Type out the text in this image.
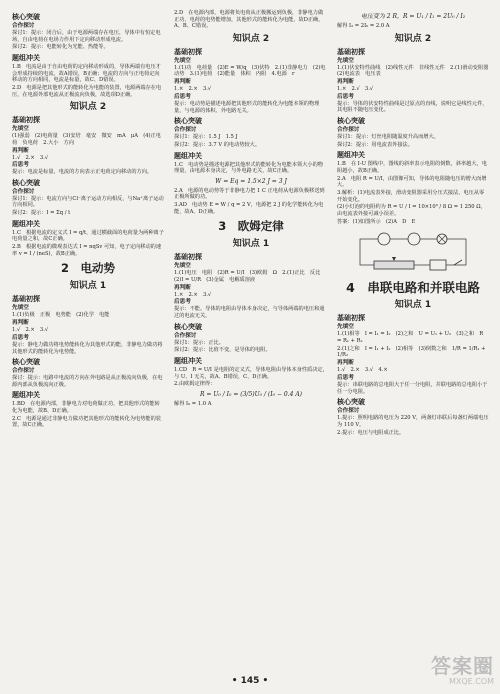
核心突破
合作探讨

探讨1：提示：闭合后，由于电源两端存在电压，导体中有恒定电场，自由电荷在电场力作用下定向移动形成电流。

探讨2：提示：电能转化为光能、热能等。

题组冲关

1.B　电流是由于自由电荷的定向移动形成的，导体两端有电压才会形成持续的电流，故A错误，B正确；电流的方向与正电荷定向移动的方向相同，电流是标量，故C、D错误。

2.D　电源是把其他形式的能转化为电能的装置，电源两端存在电压，在电源外部电流从正极流向负极，故选项D正确。

知识点 2
基础初探
先填空

(1)强弱　(2)电荷量　(3)安培　毫安　微安　mA　μA　(4)正电荷　负电荷　2.大小　方向

再判断

1.√　2.×　3.√

后思考

提示：电流是标量，电流的方向表示正电荷定向移动的方向。

核心突破
合作探讨

探讨1：提示：电流方向与Cl⁻离子运动方向相反，与Na⁺离子运动方向相同。

探讨2：提示：I = Σq / t

题组冲关

1.C　根据电流的定义式 I = q/t，通过横截面的电荷量为两种离子电荷量之和，故C正确。

2.B　根据电流的微观表达式 I = nqSv 可知，电子定向移动的速率 v = I / (neS)，故B正确。

2　电动势
知识点 1
基础初探
先填空

1.(1)负极　正极　电势能　(2)化学　电能

再判断

1.√　2.×　3.√

后思考

提示：静电力做功将电势能转化为其他形式的能，非静电力做功将其他形式的能转化为电势能。

核心突破
合作探讨

探讨：提示：电路中电流的方向在外电路是从正极流向负极，在电源内部从负极流向正极。

题组冲关

1.BD　在电源内部，非静电力对电荷做正功，把其他形式的能转化为电能，故B、D正确。

2.C　电源是通过非静电力做功把其他形式的能转化为电势能的装置，故C正确。

2.D　在电源内部，电源将负电荷从正极搬运到负极，非静电力做正功，电荷的电势能增加，其他形式的能转化为电能，故D正确，A、B、C错误。

知识点 2
基础初探
先填空

1.(1)功　电荷量　(2)E = W/q　(3)伏特　2.(1)非静电力　(2)电动势　3.(1)电荷　(2)能量　体积　内阻　4.电源　r

再判断

1.×　2.×　3.√

后思考

提示：电动势是描述电源把其他形式的能转化为电能本领的物理量，与电源的体积、外电路无关。

核心突破
合作探讨

探讨1：提示：1.5 J　1.5 J

探讨2：提示：3.7 V 的电动势较大。

题组冲关

1.C　电动势是描述电源把其他形式的能转化为电能本领大小的物理量，由电源本身决定，与外电路无关，故C正确。

W = Eq = 1.5×2 J = 3 J

2.A　电源的电动势等于非静电力把 1 C 正电荷从电源负极移送到正极所做的功。

3.AD　电动势 E = W / q = 2 V，电源把 2 J 的化学能转化为电能，故A、D正确。

3　欧姆定律
知识点 1
基础初探
先填空

1.(1)电压　电阻　(2)R = U/I　(3)欧姆　Ω　2.(1)正比　反比　(2)I = U/R　(3)金属　电解质溶液

再判断

1.×　2.×　3.√

后思考

提示：不能。导体的电阻由导体本身决定，与导体两端的电压和通过的电流无关。

核心突破
合作探讨

探讨1：提示：正比。

探讨2：提示：比值不变，是导体的电阻。

题组冲关

1.CD　R = U/I 是电阻的定义式，导体电阻由导体本身性质决定，与 U、I 无关，故A、B错误，C、D正确。

2.由欧姆定律得：

R = U₀ / I₀ = (3/5)U₀ / (I₀ − 0.4 A)

解得 I₀ = 1.0 A

电压变为 2 R，R = U₁ / I₁ = 2U₀ / I₂

解得 I₂ = 2I₀ = 2.0 A

知识点 2
基础初探
先填空

1.(1)伏安特性曲线　(2)线性元件　非线性元件　2.(1)滑动变阻器　(2)电流表　电压表

再判断

1.×　2.√　3.√

后思考

提示：导体的伏安特性曲线是过原点的直线，说明它是线性元件，其电阻不随电压变化。

核心突破
合作探讨

探讨1：提示：灯丝电阻随温度升高而增大。

探讨2：提示：用电流表外接法。

题组冲关

1.B　在 I-U 图线中，图线的斜率表示电阻的倒数，斜率越大，电阻越小，故B正确。

2.A　电阻 R = U/I，由图像可知，导体的电阻随电压的增大而增大。

3.解析：(1)电流表外接，滑动变阻器采用分压式接法，电压从零开始变化。

(2)小灯泡的电阻约为 R = U / I = 10×10³ / 8 Ω = 1 250 Ω，由电流表外接可减小误差。

答案：(1)如图所示　(2)A　D　E

4　串联电路和并联电路
知识点 1
基础初探
先填空

1.(1)相等　I = I₁ = I₂　(2)之和　U = U₁ + U₂　(3)之和　R = R₁ + R₂

2.(1)之和　I = I₁ + I₂　(2)相等　(3)倒数之和　1/R = 1/R₁ + 1/R₂

再判断

1.√　2.×　3.√　4.×

后思考

提示：串联电路的总电阻大于任一分电阻，并联电路的总电阻小于任一分电阻。

核心突破
合作探讨

1.提示：照明电路的电压为 220 V，两盏灯串联后每盏灯两端电压为 110 V。

2.提示：电压与电阻成正比。

• 145 •
答案圈
MXQE.COM
